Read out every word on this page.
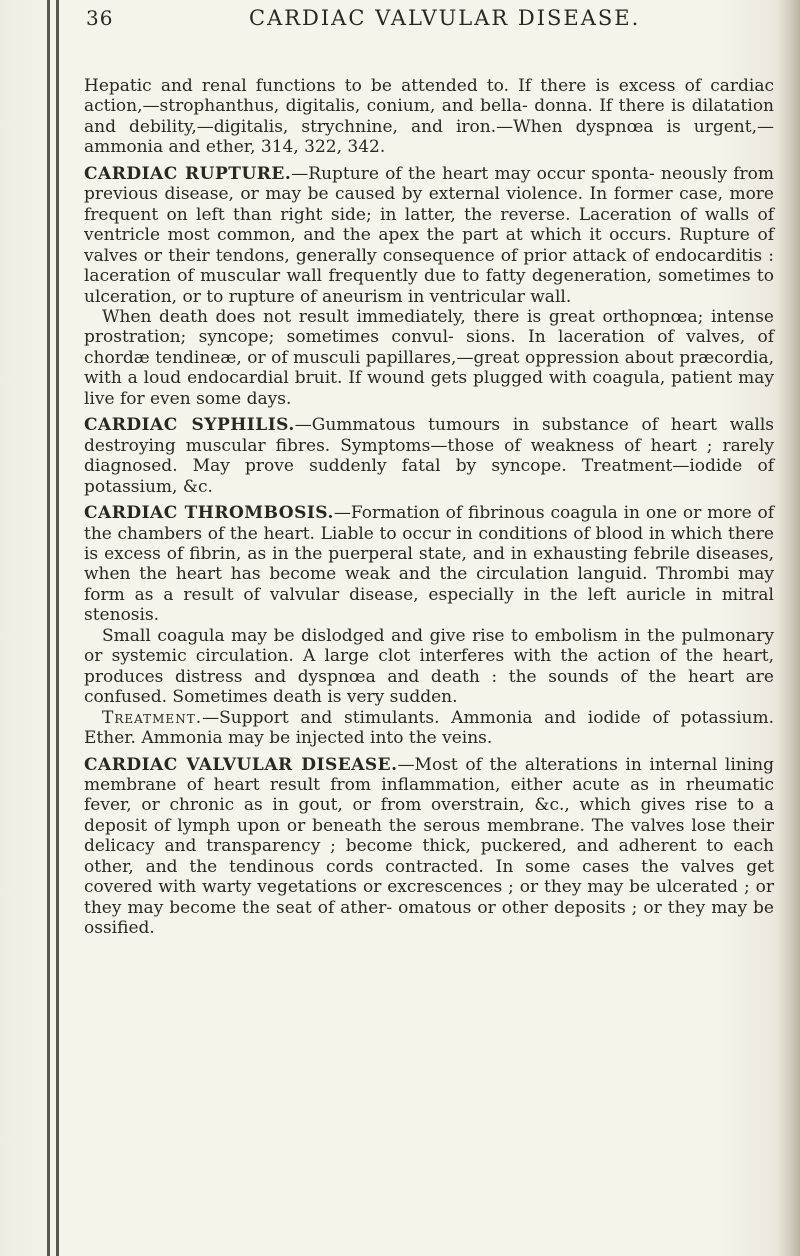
36	CARDIAC VALVULAR DISEASE.

Hepatic and renal functions to be attended to. If there is excess of cardiac action,—strophanthus, digitalis, conium, and bella- donna. If there is dilatation and debility,—digitalis, strychnine, and iron.—When dyspnœa is urgent,—ammonia and ether, 314, 322, 342.

CARDIAC RUPTURE.—Rupture of the heart may occur sponta- neously from previous disease, or may be caused by external violence. In former case, more frequent on left than right side; in latter, the reverse. Laceration of walls of ventricle most common, and the apex the part at which it occurs. Rupture of valves or their tendons, generally consequence of prior attack of endocarditis : laceration of muscular wall frequently due to fatty degeneration, sometimes to ulceration, or to rupture of aneurism in ventricular wall.

When death does not result immediately, there is great orthopnœa; intense prostration; syncope; sometimes convul- sions. In laceration of valves, of chordæ tendineæ, or of musculi papillares,—great oppression about præcordia, with a loud endocardial bruit. If wound gets plugged with coagula, patient may live for even some days.

CARDIAC SYPHILIS.—Gummatous tumours in substance of heart walls destroying muscular fibres. Symptoms—those of weakness of heart ; rarely diagnosed. May prove suddenly fatal by syncope. Treatment—iodide of potassium, &c.

CARDIAC THROMBOSIS.—Formation of fibrinous coagula in one or more of the chambers of the heart. Liable to occur in conditions of blood in which there is excess of fibrin, as in the puerperal state, and in exhausting febrile diseases, when the heart has become weak and the circulation languid. Thrombi may form as a result of valvular disease, especially in the left auricle in mitral stenosis.

Small coagula may be dislodged and give rise to embolism in the pulmonary or systemic circulation. A large clot interferes with the action of the heart, produces distress and dyspnœa and death : the sounds of the heart are confused. Sometimes death is very sudden.

Treatment.—Support and stimulants. Ammonia and iodide of potassium. Ether. Ammonia may be injected into the veins.

CARDIAC VALVULAR DISEASE.—Most of the alterations in internal lining membrane of heart result from inflammation, either acute as in rheumatic fever, or chronic as in gout, or from overstrain, &c., which gives rise to a deposit of lymph upon or beneath the serous membrane. The valves lose their delicacy and transparency ; become thick, puckered, and adherent to each other, and the tendinous cords contracted. In some cases the valves get covered with warty vegetations or excrescences ; or they may be ulcerated ; or they may become the seat of ather- omatous or other deposits ; or they may be ossified.
